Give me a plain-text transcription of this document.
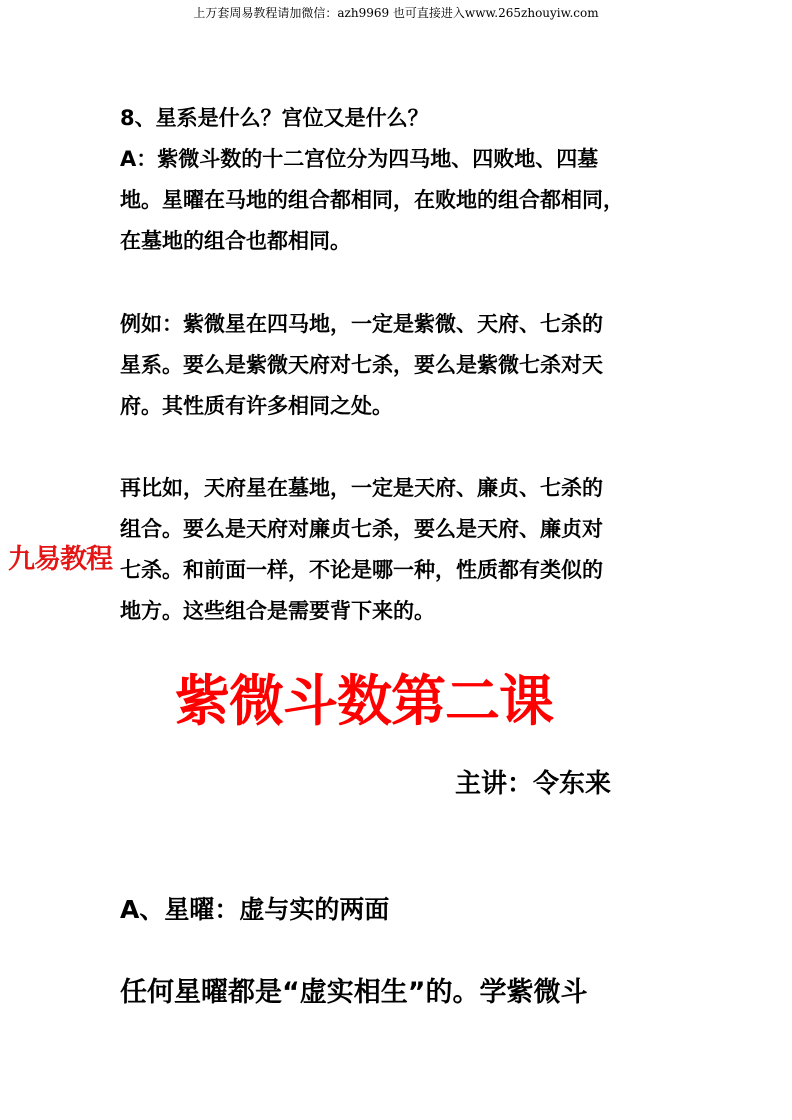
上万套周易教程请加微信：azh9969 也可直接进入www.265zhouyiw.com

8、星系是什么？宫位又是什么？

A：紫微斗数的十二宫位分为四马地、四败地、四墓
地。星曜在马地的组合都相同，在败地的组合都相同，
在墓地的组合也都相同。

例如：紫微星在四马地，一定是紫微、天府、七杀的
星系。要么是紫微天府对七杀，要么是紫微七杀对天
府。其性质有许多相同之处。

再比如，天府星在墓地，一定是天府、廉贞、七杀的
组合。要么是天府对廉贞七杀，要么是天府、廉贞对
七杀。和前面一样，不论是哪一种，性质都有类似的
地方。这些组合是需要背下来的。

九易教程
紫微斗数第二课
主讲：令东来
A、星曜：虚与实的两面
任何星曜都是“虚实相生”的。学紫微斗
